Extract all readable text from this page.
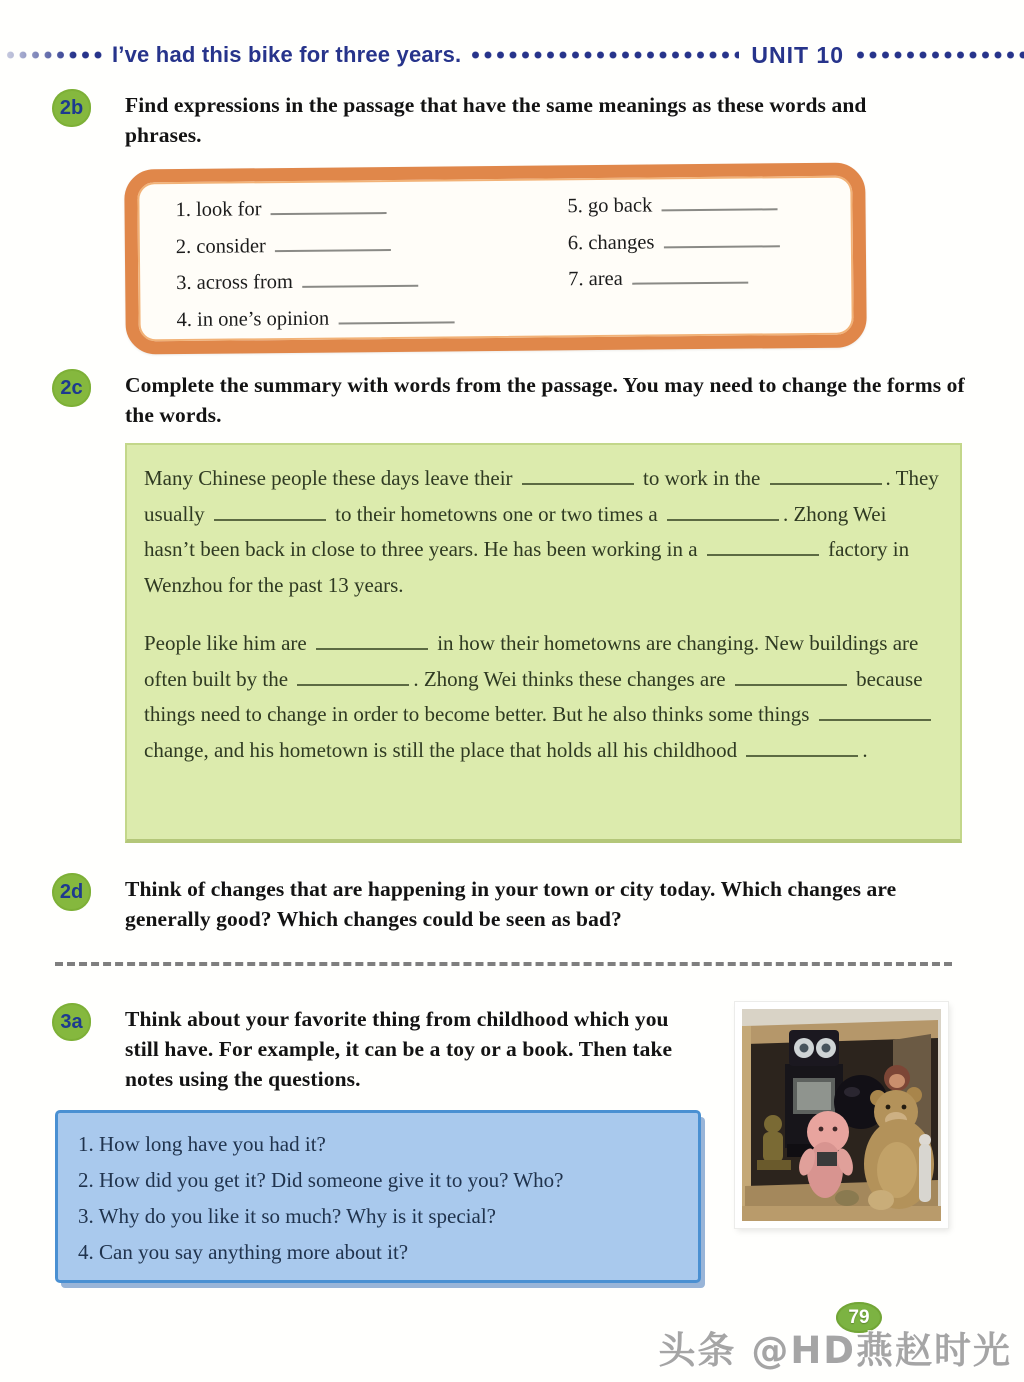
I’ve had this bike for three years.	UNIT 10
2b	Find expressions in the passage that have the same meanings as these words and phrases.
1. look for
2. consider
3. across from
4. in one’s opinion
5. go back
6. changes
7. area
2c	Complete the summary with words from the passage. You may need to change the forms of the words.

Many Chinese people these days leave their	to work in the	. They usually	to their hometowns one or two times a	. Zhong Wei hasn’t been back in close to three years. He has been working in a	factory in Wenzhou for the past 13 years.

People like him are	in how their hometowns are changing. New buildings are often built by the	. Zhong Wei thinks these changes are	because things need to change in order to become better. But he also thinks some things  change, and his hometown is still the place that holds all his childhood	.

2d	Think of changes that are happening in your town or city today. Which changes are generally good? Which changes could be seen as bad?
3a	Think about your favorite thing from childhood which you still have. For example, it can be a toy or a book. Then take notes using the questions.
1. How long have you had it?
2. How did you get it? Did someone give it to you? Who?
3. Why do you like it so much? Why is it special?
4. Can you say anything more about it?
79
头条 @HD燕赵时光
